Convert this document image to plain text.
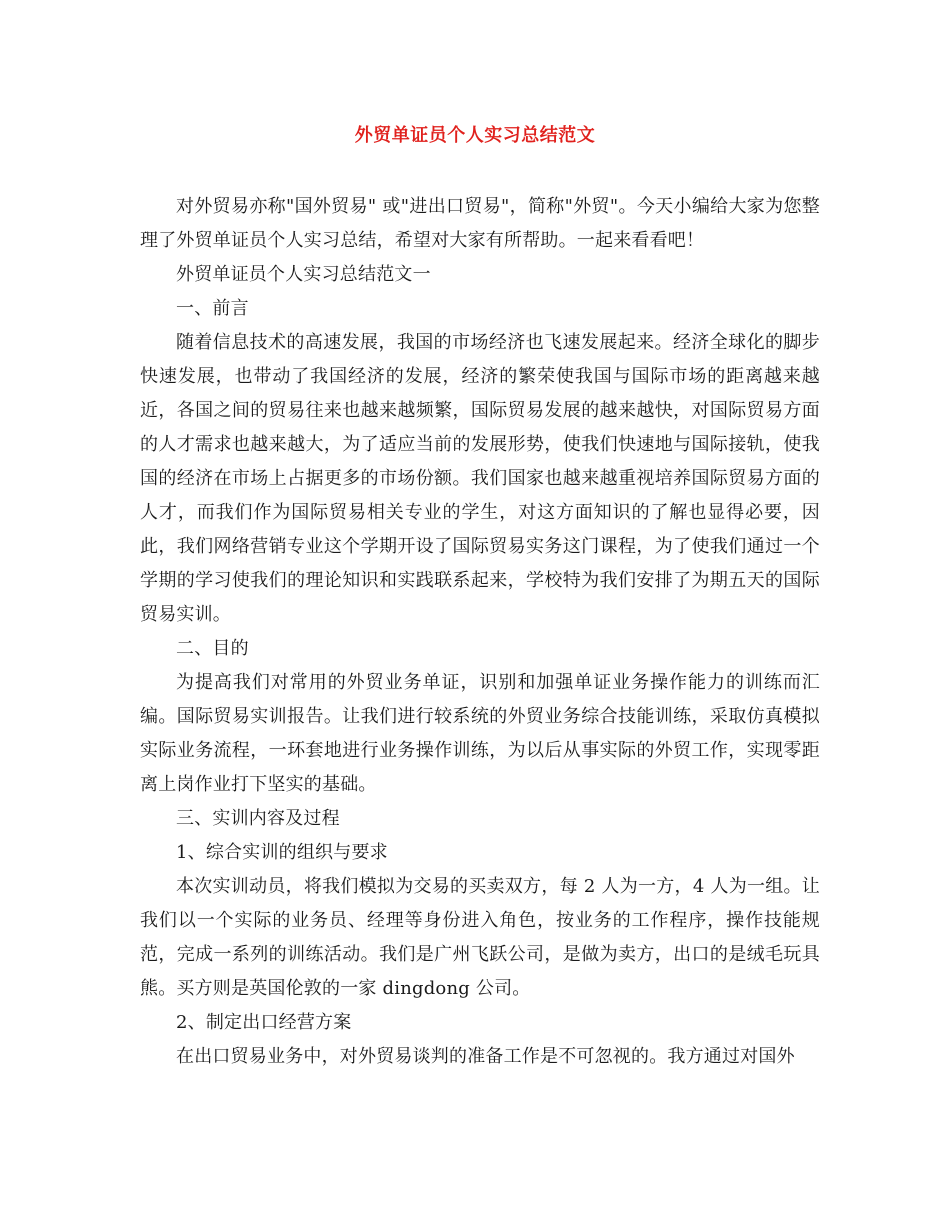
外贸单证员个人实习总结范文

对外贸易亦称"国外贸易" 或"进出口贸易"，简称"外贸"。今天小编给大家为您整理了外贸单证员个人实习总结，希望对大家有所帮助。一起来看看吧！

外贸单证员个人实习总结范文一

一、前言

随着信息技术的高速发展，我国的市场经济也飞速发展起来。经济全球化的脚步快速发展，也带动了我国经济的发展，经济的繁荣使我国与国际市场的距离越来越近，各国之间的贸易往来也越来越频繁，国际贸易发展的越来越快，对国际贸易方面的人才需求也越来越大，为了适应当前的发展形势，使我们快速地与国际接轨，使我国的经济在市场上占据更多的市场份额。我们国家也越来越重视培养国际贸易方面的人才，而我们作为国际贸易相关专业的学生，对这方面知识的了解也显得必要，因此，我们网络营销专业这个学期开设了国际贸易实务这门课程，为了使我们通过一个学期的学习使我们的理论知识和实践联系起来，学校特为我们安排了为期五天的国际贸易实训。

二、目的

为提高我们对常用的外贸业务单证，识别和加强单证业务操作能力的训练而汇编。国际贸易实训报告。让我们进行较系统的外贸业务综合技能训练，采取仿真模拟实际业务流程，一环套地进行业务操作训练，为以后从事实际的外贸工作，实现零距离上岗作业打下坚实的基础。

三、实训内容及过程

1、综合实训的组织与要求

本次实训动员，将我们模拟为交易的买卖双方，每 2 人为一方，4 人为一组。让我们以一个实际的业务员、经理等身份进入角色，按业务的工作程序，操作技能规范，完成一系列的训练活动。我们是广州飞跃公司，是做为卖方，出口的是绒毛玩具熊。买方则是英国伦敦的一家 dingdong 公司。

2、制定出口经营方案

在出口贸易业务中，对外贸易谈判的准备工作是不可忽视的。我方通过对国外
